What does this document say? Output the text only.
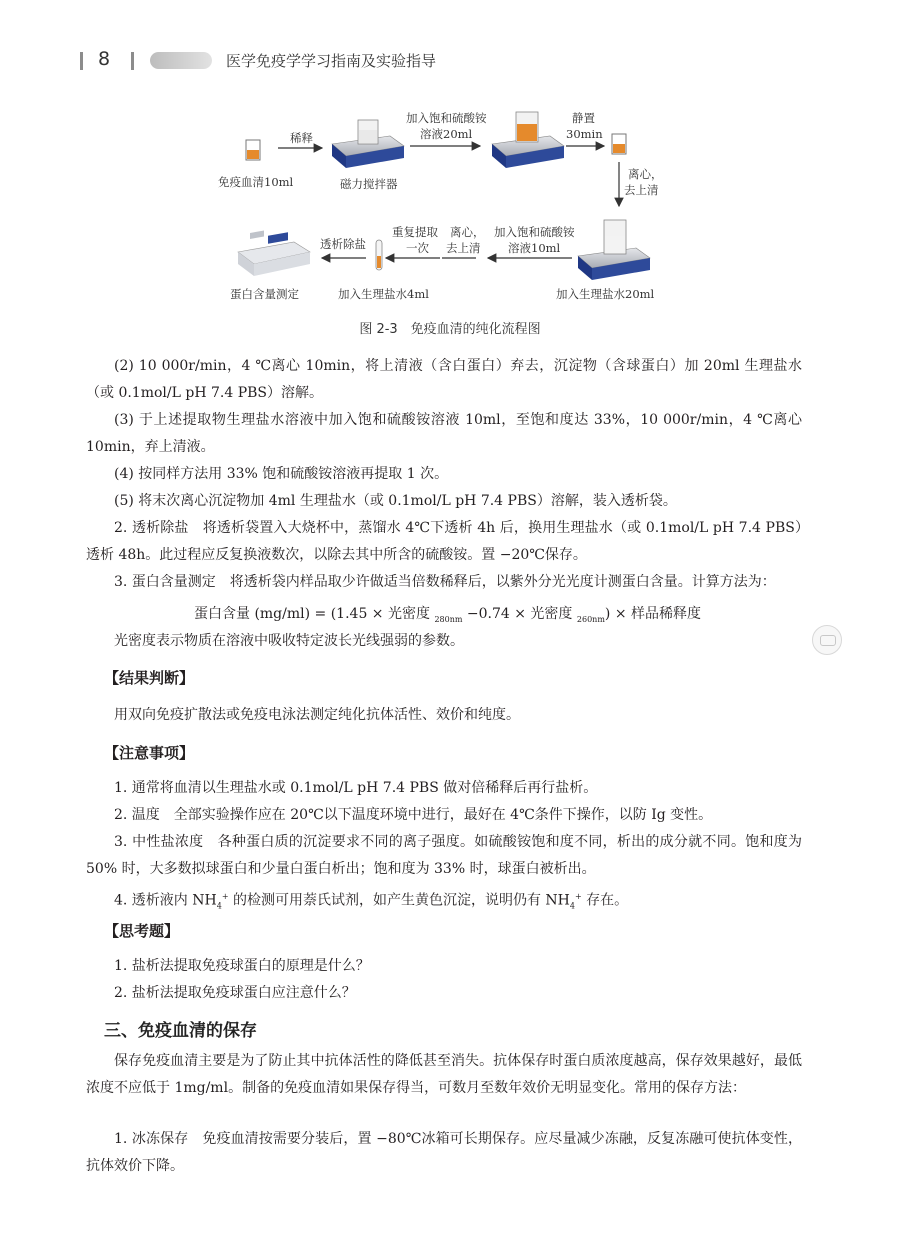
8	医学免疫学学习指南及实验指导
免疫血清10ml
稀释
磁力搅拌器
加入饱和硫酸铵
溶液20ml
静置
30min
离心，
去上清
透析除盐
重复提取
一次
离心，
去上清
加入饱和硫酸铵
溶液10ml
蛋白含量测定	加入生理盐水4ml	加入生理盐水20ml
图 2-3　免疫血清的纯化流程图

(2) 10 000r/min，4 ℃离心 10min，将上清液（含白蛋白）弃去，沉淀物（含球蛋白）加 20ml 生理盐水（或 0.1mol/L pH 7.4 PBS）溶解。

(3) 于上述提取物生理盐水溶液中加入饱和硫酸铵溶液 10ml，至饱和度达 33%，10 000r/min，4 ℃离心 10min，弃上清液。

(4) 按同样方法用 33% 饱和硫酸铵溶液再提取 1 次。

(5) 将末次离心沉淀物加 4ml 生理盐水（或 0.1mol/L pH 7.4 PBS）溶解，装入透析袋。

2. 透析除盐　将透析袋置入大烧杯中，蒸馏水 4℃下透析 4h 后，换用生理盐水（或 0.1mol/L pH 7.4 PBS）透析 48h。此过程应反复换液数次，以除去其中所含的硫酸铵。置 −20℃保存。

3. 蛋白含量测定　将透析袋内样品取少许做适当倍数稀释后，以紫外分光光度计测蛋白含量。计算方法为：

蛋白含量 (mg/ml) = (1.45 × 光密度 $_{280nm}$ −0.74 × 光密度 $_{260nm}$) × 样品稀释度

光密度表示物质在溶液中吸收特定波长光线强弱的参数。

【结果判断】

用双向免疫扩散法或免疫电泳法测定纯化抗体活性、效价和纯度。

【注意事项】

1. 通常将血清以生理盐水或 0.1mol/L pH 7.4 PBS 做对倍稀释后再行盐析。

2. 温度　全部实验操作应在 20℃以下温度环境中进行，最好在 4℃条件下操作，以防 Ig 变性。

3. 中性盐浓度　各种蛋白质的沉淀要求不同的离子强度。如硫酸铵饱和度不同，析出的成分就不同。饱和度为 50% 时，大多数拟球蛋白和少量白蛋白析出；饱和度为 33% 时，球蛋白被析出。

4. 透析液内 $NH_4^+$ 的检测可用萘氏试剂，如产生黄色沉淀，说明仍有 $NH_4^+$ 存在。

【思考题】

1. 盐析法提取免疫球蛋白的原理是什么？

2. 盐析法提取免疫球蛋白应注意什么？

三、免疫血清的保存

保存免疫血清主要是为了防止其中抗体活性的降低甚至消失。抗体保存时蛋白质浓度越高，保存效果越好，最低浓度不应低于 1mg/ml。制备的免疫血清如果保存得当，可数月至数年效价无明显变化。常用的保存方法：

1. 冰冻保存　免疫血清按需要分装后，置 −80℃冰箱可长期保存。应尽量减少冻融，反复冻融可使抗体变性，抗体效价下降。
